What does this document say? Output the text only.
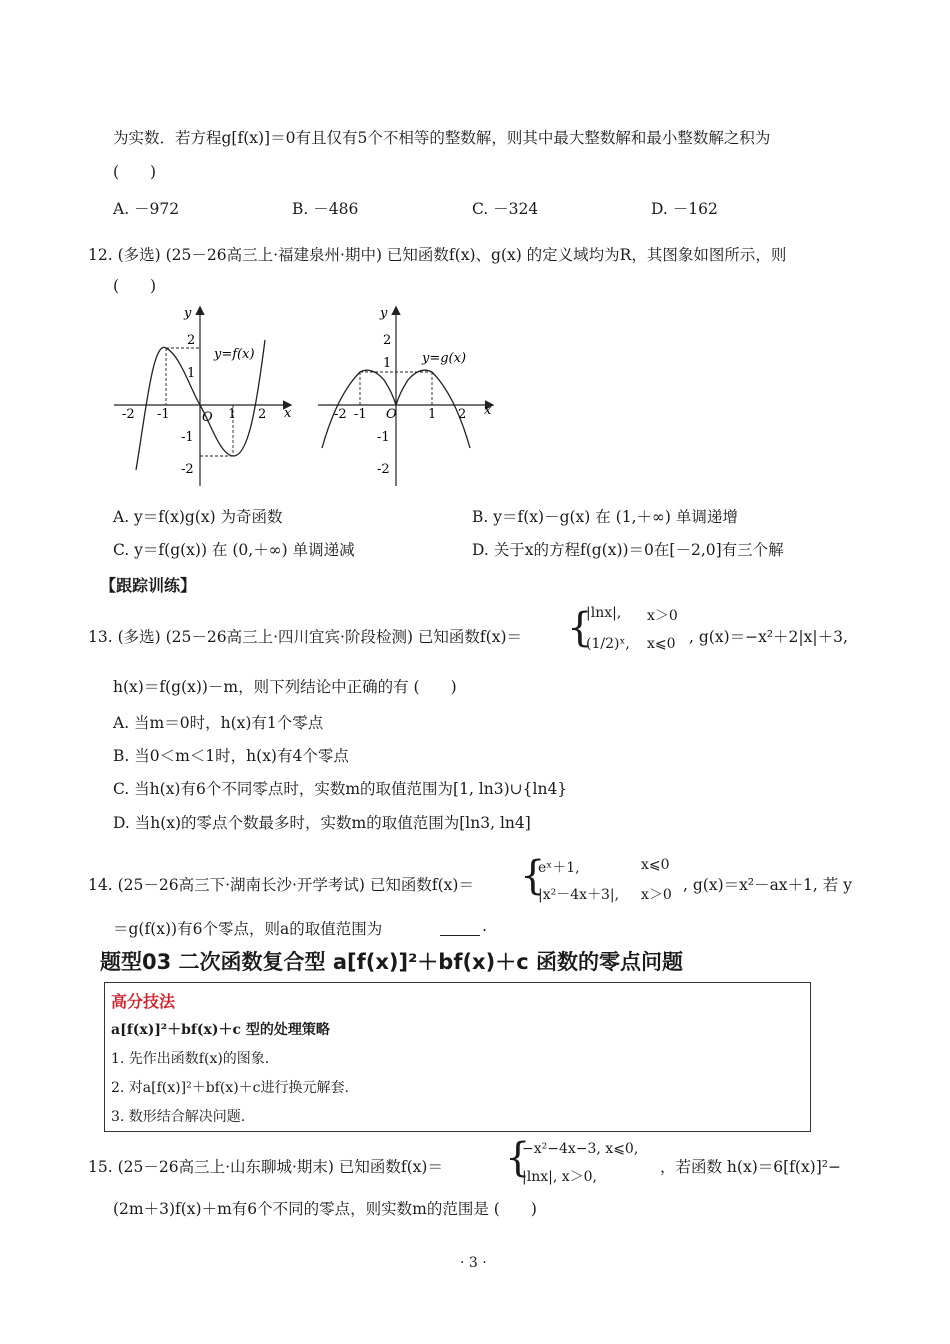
为实数．若方程g[f(x)]＝0有且仅有5个不相等的整数解，则其中最大整数解和最小整数解之积为
(　　)
A. －972	B. －486	C. －324	D. －162
12. (多选) (25－26高三上·福建泉州·期中) 已知函数f(x)、g(x) 的定义域均为R，其图象如图所示，则
(　　)
y=f(x)
x
y
O
-2 -1	1 2
2
1
-1
-2
y=g(x)
x
y
O
-2 -1	1 2
2
1
-1
-2
A. y＝f(x)g(x) 为奇函数	B. y＝f(x)－g(x) 在 (1,＋∞) 单调递增
C. y＝f(g(x)) 在 (0,＋∞) 单调递减	D. 关于x的方程f(g(x))＝0在[－2,0]有三个解
【跟踪训练】
13. (多选) (25－26高三上·四川宜宾·阶段检测) 已知函数f(x)＝ {
|lnx|, x＞0
(1/2)ˣ, x⩽0 , g(x)＝−x²＋2|x|＋3,
h(x)＝f(g(x))－m，则下列结论中正确的有 (　　)
A. 当m＝0时，h(x)有1个零点
B. 当0＜m＜1时，h(x)有4个零点
C. 当h(x)有6个不同零点时，实数m的取值范围为[1, ln3)∪{ln4}
D. 当h(x)的零点个数最多时，实数m的取值范围为[ln3, ln4]
14. (25－26高三下·湖南长沙·开学考试) 已知函数f(x)＝ {
eˣ＋1,	x⩽0
|x²－4x＋3|, x＞0
, g(x)＝x²－ax＋1, 若 y
＝g(f(x))有6个零点，则a的取值范围为	.
题型03 二次函数复合型 a[f(x)]²＋bf(x)＋c 函数的零点问题
高分技法
a[f(x)]²＋bf(x)＋c 型的处理策略
1. 先作出函数f(x)的图象.
2. 对a[f(x)]²＋bf(x)＋c进行换元解套.
3. 数形结合解决问题.
15. (25－26高三上·山东聊城·期末) 已知函数f(x)＝ {
−x²−4x−3, x⩽0,
|lnx|, x＞0,
，若函数 h(x)＝6[f(x)]²−
(2m＋3)f(x)＋m有6个不同的零点，则实数m的范围是 (　　)
· 3 ·
